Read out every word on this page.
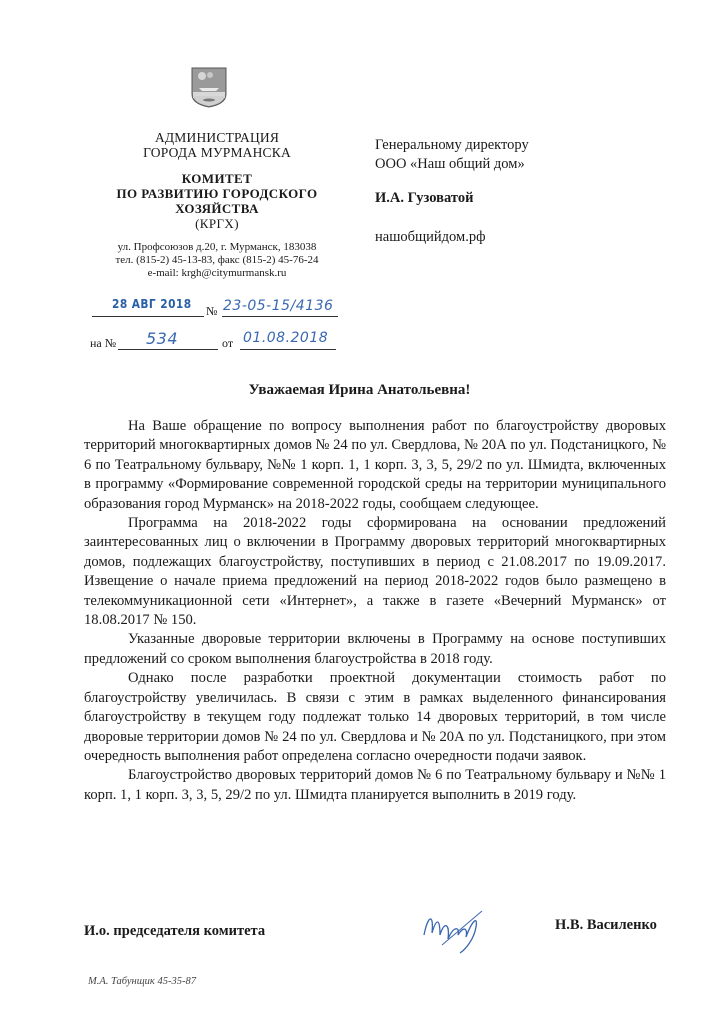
АДМИНИСТРАЦИЯ
ГОРОДА МУРМАНСКА
КОМИТЕТ
ПО РАЗВИТИЮ ГОРОДСКОГО
ХОЗЯЙСТВА
(КРГХ)
ул. Профсоюзов д.20, г. Мурманск, 183038
тел. (815-2) 45-13-83, факс (815-2) 45-76-24
e-mail: krgh@citymurmansk.ru
28 АВГ 2018 № 23-05-15/4136
на № 534	от 01.08.2018
Генеральному директору
ООО «Наш общий дом»
И.А. Гузоватой
нашобщийдом.рф
Уважаемая Ирина Анатольевна!

На Ваше обращение по вопросу выполнения работ по благоустройству дворовых территорий многоквартирных домов № 24 по ул. Свердлова, № 20А по ул. Подстаницкого, № 6 по Театральному бульвару, №№ 1 корп. 1, 1 корп. 3, 3, 5, 29/2 по ул. Шмидта, включенных в программу «Формирование современной городской среды на территории муниципального образования город Мурманск» на 2018-2022 годы, сообщаем следующее.

Программа на 2018-2022 годы сформирована на основании предложений заинтересованных лиц о включении в Программу дворовых территорий многоквартирных домов, подлежащих благоустройству, поступивших в период с 21.08.2017 по 19.09.2017. Извещение о начале приема предложений на период 2018-2022 годов было размещено в телекоммуникационной сети «Интернет», а также в газете «Вечерний Мурманск» от 18.08.2017 № 150.

Указанные дворовые территории включены в Программу на основе поступивших предложений со сроком выполнения благоустройства в 2018 году.

Однако после разработки проектной документации стоимость работ по благоустройству увеличилась. В связи с этим в рамках выделенного финансирования благоустройству в текущем году подлежат только 14 дворовых территорий, в том числе дворовые территории домов № 24 по ул. Свердлова и № 20А по ул. Подстаницкого, при этом очередность выполнения работ определена согласно очередности подачи заявок.

Благоустройство дворовых территорий домов № 6 по Театральному бульвару и №№ 1 корп. 1, 1 корп. 3, 3, 5, 29/2 по ул. Шмидта планируется выполнить в 2019 году.

И.о. председателя комитета	Н.В. Василенко
М.А. Табунщик 45-35-87
